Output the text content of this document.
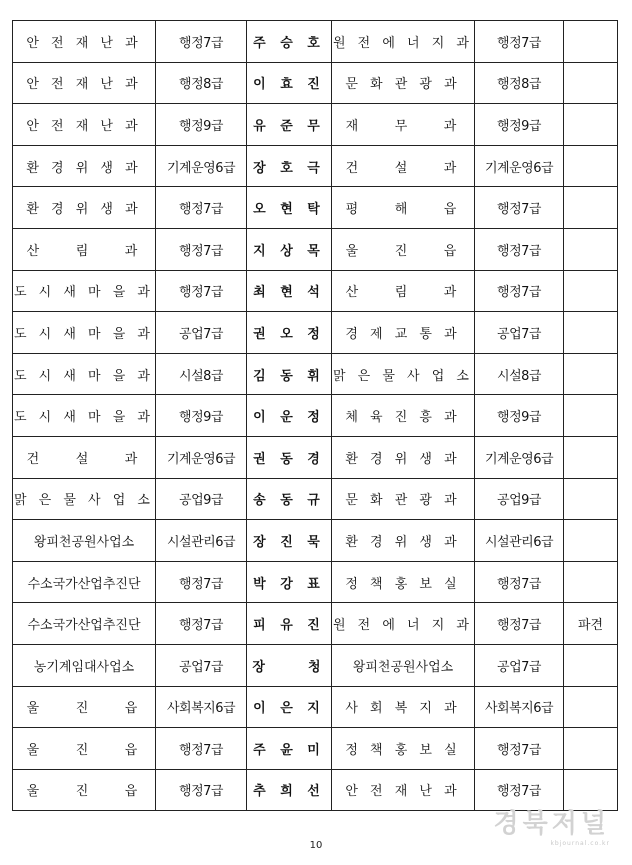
안 전 재 난 과	행정7급	주 승 호	원 전 에 너 지 과	행정7급	
안 전 재 난 과	행정8급	이 효 진	문 화 관 광 과	행정8급	
안 전 재 난 과	행정9급	유 준 무	재    무    과	행정9급	
환 경 위 생 과	기계운영6급	장 호 극	건    설    과	기계운영6급	
환 경 위 생 과	행정7급	오 현 탁	평    해    읍	행정7급	
산    림    과	행정7급	지 상 목	울    진    읍	행정7급	
도 시 새 마 을 과	행정7급	최 현 석	산    림    과	행정7급	
도 시 새 마 을 과	공업7급	권 오 정	경 제 교 통 과	공업7급	
도 시 새 마 을 과	시설8급	김 동 휘	맑 은 물 사 업 소	시설8급	
도 시 새 마 을 과	행정9급	이 운 정	체 육 진 흥 과	행정9급	
건    설    과	기계운영6급	권 동 경	환 경 위 생 과	기계운영6급	
맑 은 물 사 업 소	공업9급	송 동 규	문 화 관 광 과	공업9급	
왕피천공원사업소	시설관리6급	장 진 묵	환 경 위 생 과	시설관리6급	
수소국가산업추진단	행정7급	박 강 표	정 책 홍 보 실	행정7급	
수소국가산업추진단	행정7급	피 유 진	원 전 에 너 지 과	행정7급	파견
농기계임대사업소	공업7급	장    청	왕피천공원사업소	공업7급	
울    진    읍	사회복지6급	이 은 지	사 회 복 지 과	사회복지6급	
울    진    읍	행정7급	주 윤 미	정 책 홍 보 실	행정7급	
울    진    읍	행정7급	추 희 선	안 전 재 난 과	행정7급	
10
경북저널
kbjournal.co.kr
